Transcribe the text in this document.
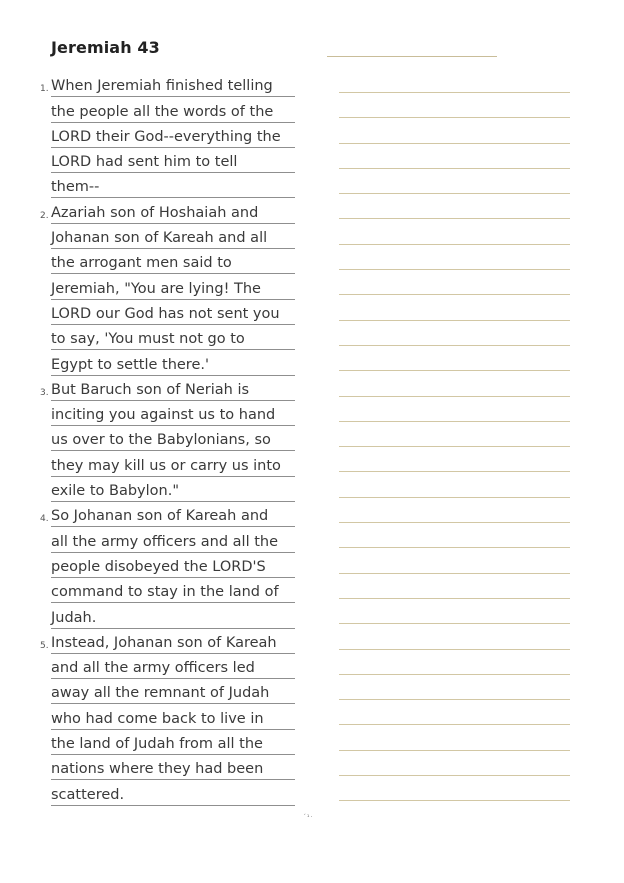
Jeremiah 43
1. When Jeremiah finished telling
the people all the words of the
LORD their God--everything the
LORD had sent him to tell
them--
2. Azariah son of Hoshaiah and
Johanan son of Kareah and all
the arrogant men said to
Jeremiah, "You are lying! The
LORD our God has not sent you
to say, 'You must not go to
Egypt to settle there.'
3. But Baruch son of Neriah is
inciting you against us to hand
us over to the Babylonians, so
they may kill us or carry us into
exile to Babylon."
4. So Johanan son of Kareah and
all the army officers and all the
people disobeyed the LORD'S
command to stay in the land of
Judah.
5. Instead, Johanan son of Kareah
and all the army officers led
away all the remnant of Judah
who had come back to live in
the land of Judah from all the
nations where they had been
scattered.
´¹·
